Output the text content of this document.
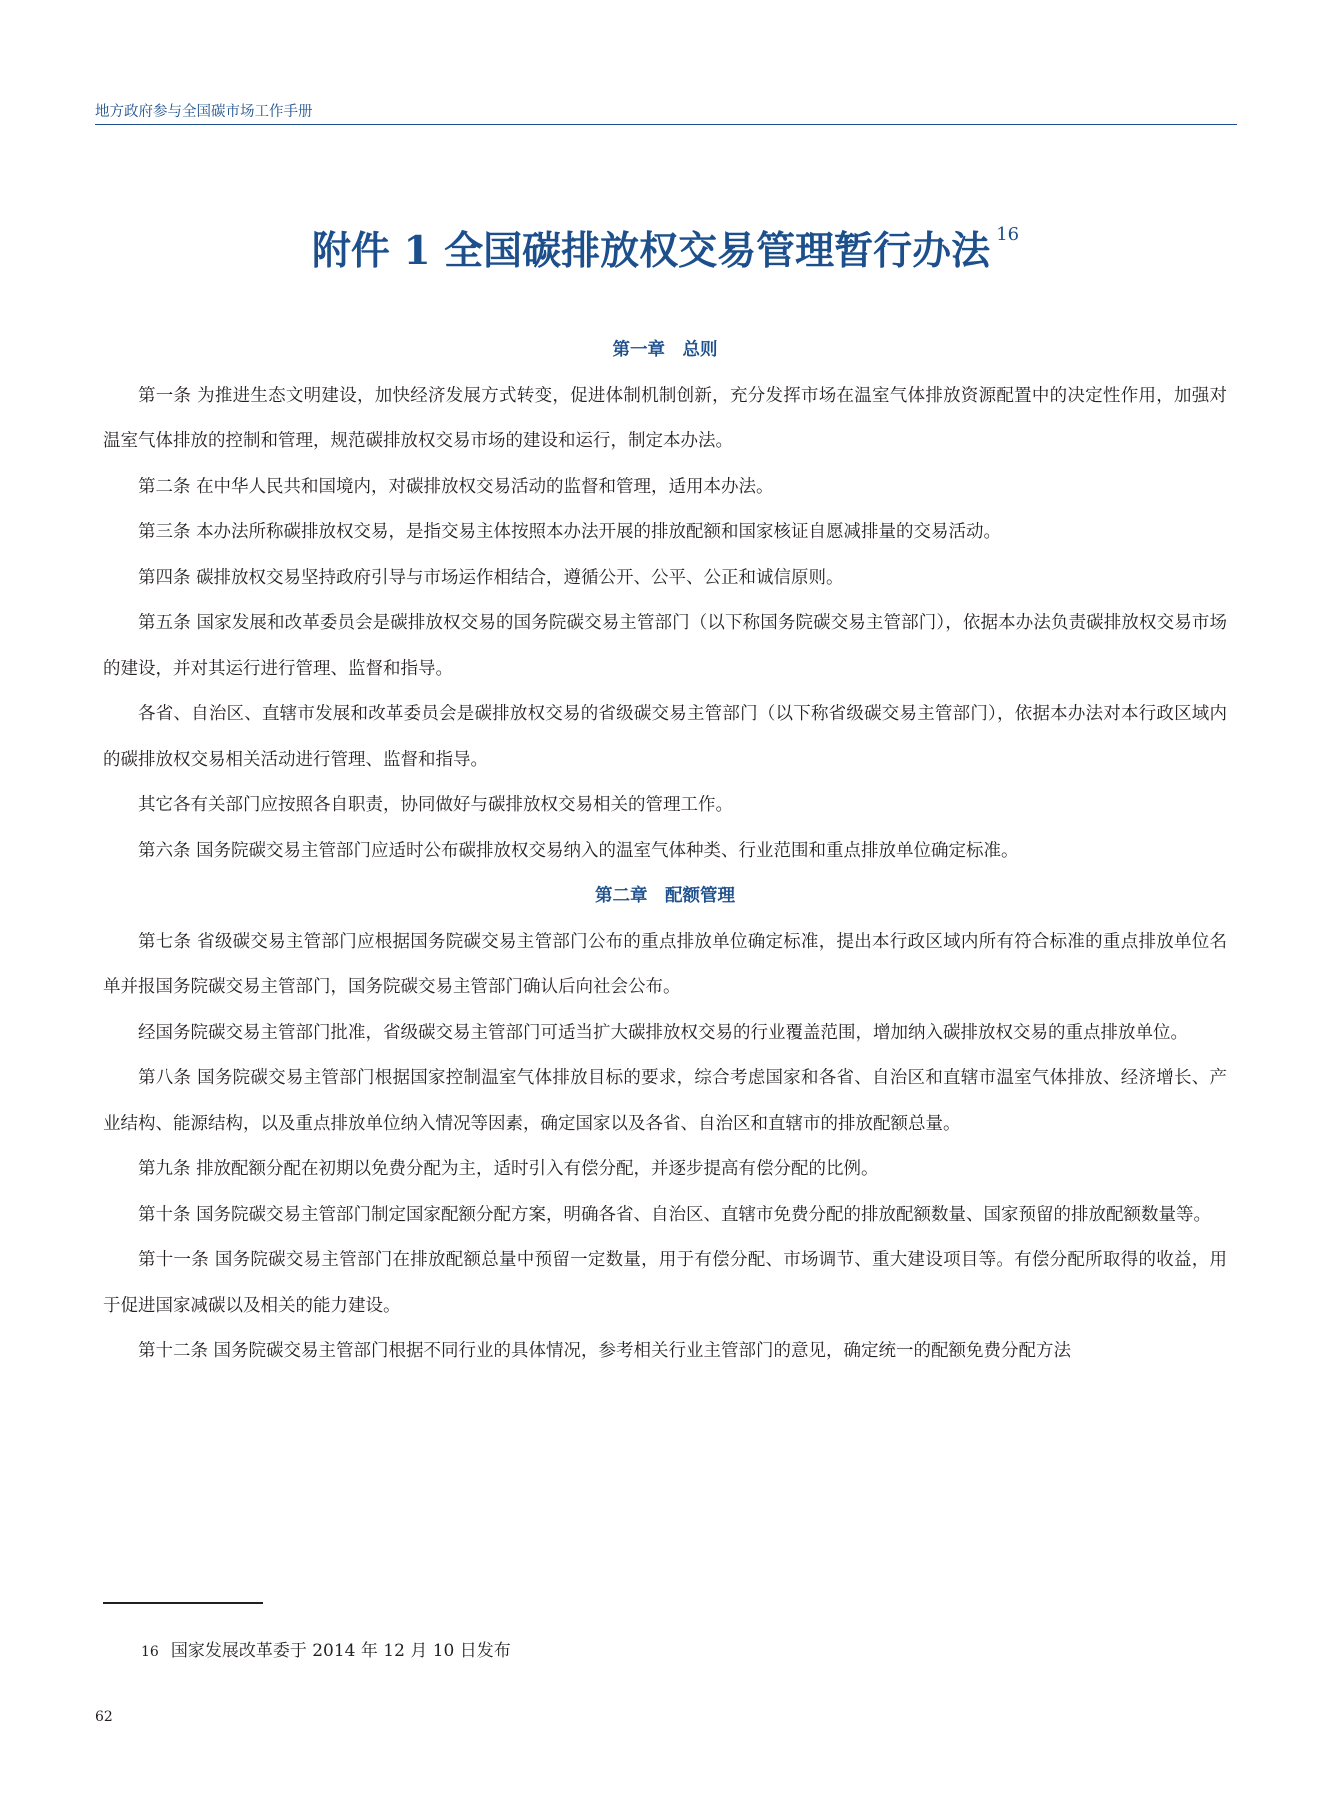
地方政府参与全国碳市场工作手册
附件 1 全国碳排放权交易管理暂行办法 $^{16}$
第一章　总则

第一条 为推进生态文明建设，加快经济发展方式转变，促进体制机制创新，充分发挥市场在温室气体排放资源配置中的决定性作用，加强对温室气体排放的控制和管理，规范碳排放权交易市场的建设和运行，制定本办法。

第二条 在中华人民共和国境内，对碳排放权交易活动的监督和管理，适用本办法。

第三条 本办法所称碳排放权交易，是指交易主体按照本办法开展的排放配额和国家核证自愿减排量的交易活动。

第四条 碳排放权交易坚持政府引导与市场运作相结合，遵循公开、公平、公正和诚信原则。

第五条 国家发展和改革委员会是碳排放权交易的国务院碳交易主管部门（以下称国务院碳交易主管部门），依据本办法负责碳排放权交易市场的建设，并对其运行进行管理、监督和指导。

各省、自治区、直辖市发展和改革委员会是碳排放权交易的省级碳交易主管部门（以下称省级碳交易主管部门），依据本办法对本行政区域内的碳排放权交易相关活动进行管理、监督和指导。

其它各有关部门应按照各自职责，协同做好与碳排放权交易相关的管理工作。

第六条 国务院碳交易主管部门应适时公布碳排放权交易纳入的温室气体种类、行业范围和重点排放单位确定标准。

第二章　配额管理

第七条 省级碳交易主管部门应根据国务院碳交易主管部门公布的重点排放单位确定标准，提出本行政区域内所有符合标准的重点排放单位名单并报国务院碳交易主管部门，国务院碳交易主管部门确认后向社会公布。

经国务院碳交易主管部门批准，省级碳交易主管部门可适当扩大碳排放权交易的行业覆盖范围，增加纳入碳排放权交易的重点排放单位。

第八条 国务院碳交易主管部门根据国家控制温室气体排放目标的要求，综合考虑国家和各省、自治区和直辖市温室气体排放、经济增长、产业结构、能源结构，以及重点排放单位纳入情况等因素，确定国家以及各省、自治区和直辖市的排放配额总量。

第九条 排放配额分配在初期以免费分配为主，适时引入有偿分配，并逐步提高有偿分配的比例。

第十条 国务院碳交易主管部门制定国家配额分配方案，明确各省、自治区、直辖市免费分配的排放配额数量、国家预留的排放配额数量等。

第十一条 国务院碳交易主管部门在排放配额总量中预留一定数量，用于有偿分配、市场调节、重大建设项目等。有偿分配所取得的收益，用于促进国家减碳以及相关的能力建设。

第十二条 国务院碳交易主管部门根据不同行业的具体情况，参考相关行业主管部门的意见，确定统一的配额免费分配方法

16 国家发展改革委于 2014 年 12 月 10 日发布
62
